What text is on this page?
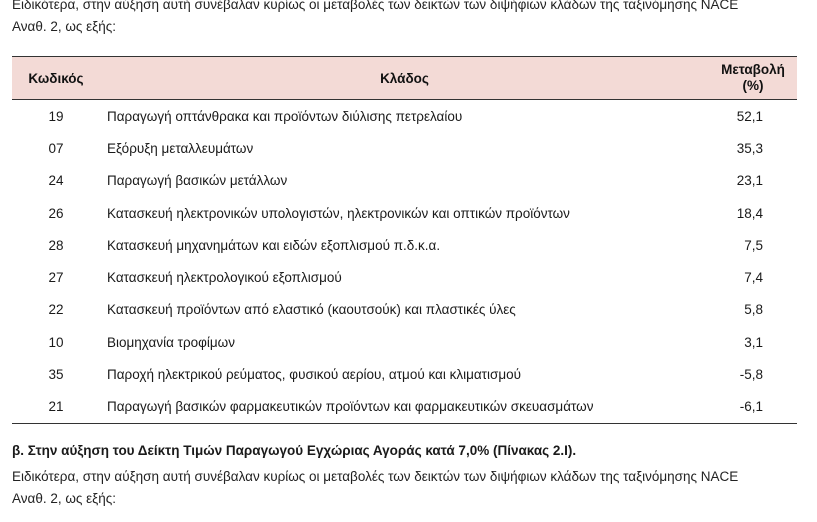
Ειδικότερα, στην αύξηση αυτή συνέβαλαν κυρίως οι μεταβολές των δεικτών των διψήφιων κλάδων της ταξινόμησης NACE
Αναθ. 2, ως εξής:
Κωδικός	Κλάδος	Μεταβολή
(%)

19	Παραγωγή οπτάνθρακα και προϊόντων διύλισης πετρελαίου	52,1
07	Εξόρυξη μεταλλευμάτων	35,3
24	Παραγωγή βασικών μετάλλων	23,1
26	Κατασκευή ηλεκτρονικών υπολογιστών, ηλεκτρονικών και οπτικών προϊόντων	18,4
28	Κατασκευή μηχανημάτων και ειδών εξοπλισμού π.δ.κ.α.	7,5
27	Κατασκευή ηλεκτρολογικού εξοπλισμού	7,4
22	Κατασκευή προϊόντων από ελαστικό (καουτσούκ) και πλαστικές ύλες	5,8
10	Βιομηχανία τροφίμων	3,1
35	Παροχή ηλεκτρικού ρεύματος, φυσικού αερίου, ατμού και κλιματισμού	-5,8
21	Παραγωγή βασικών φαρμακευτικών προϊόντων και φαρμακευτικών σκευασμάτων	-6,1
β. Στην αύξηση του Δείκτη Τιμών Παραγωγού Εγχώριας Αγοράς κατά 7,0% (Πίνακας 2.Ι).
Ειδικότερα, στην αύξηση αυτή συνέβαλαν κυρίως οι μεταβολές των δεικτών των διψήφιων κλάδων της ταξινόμησης NACE
Αναθ. 2, ως εξής:
